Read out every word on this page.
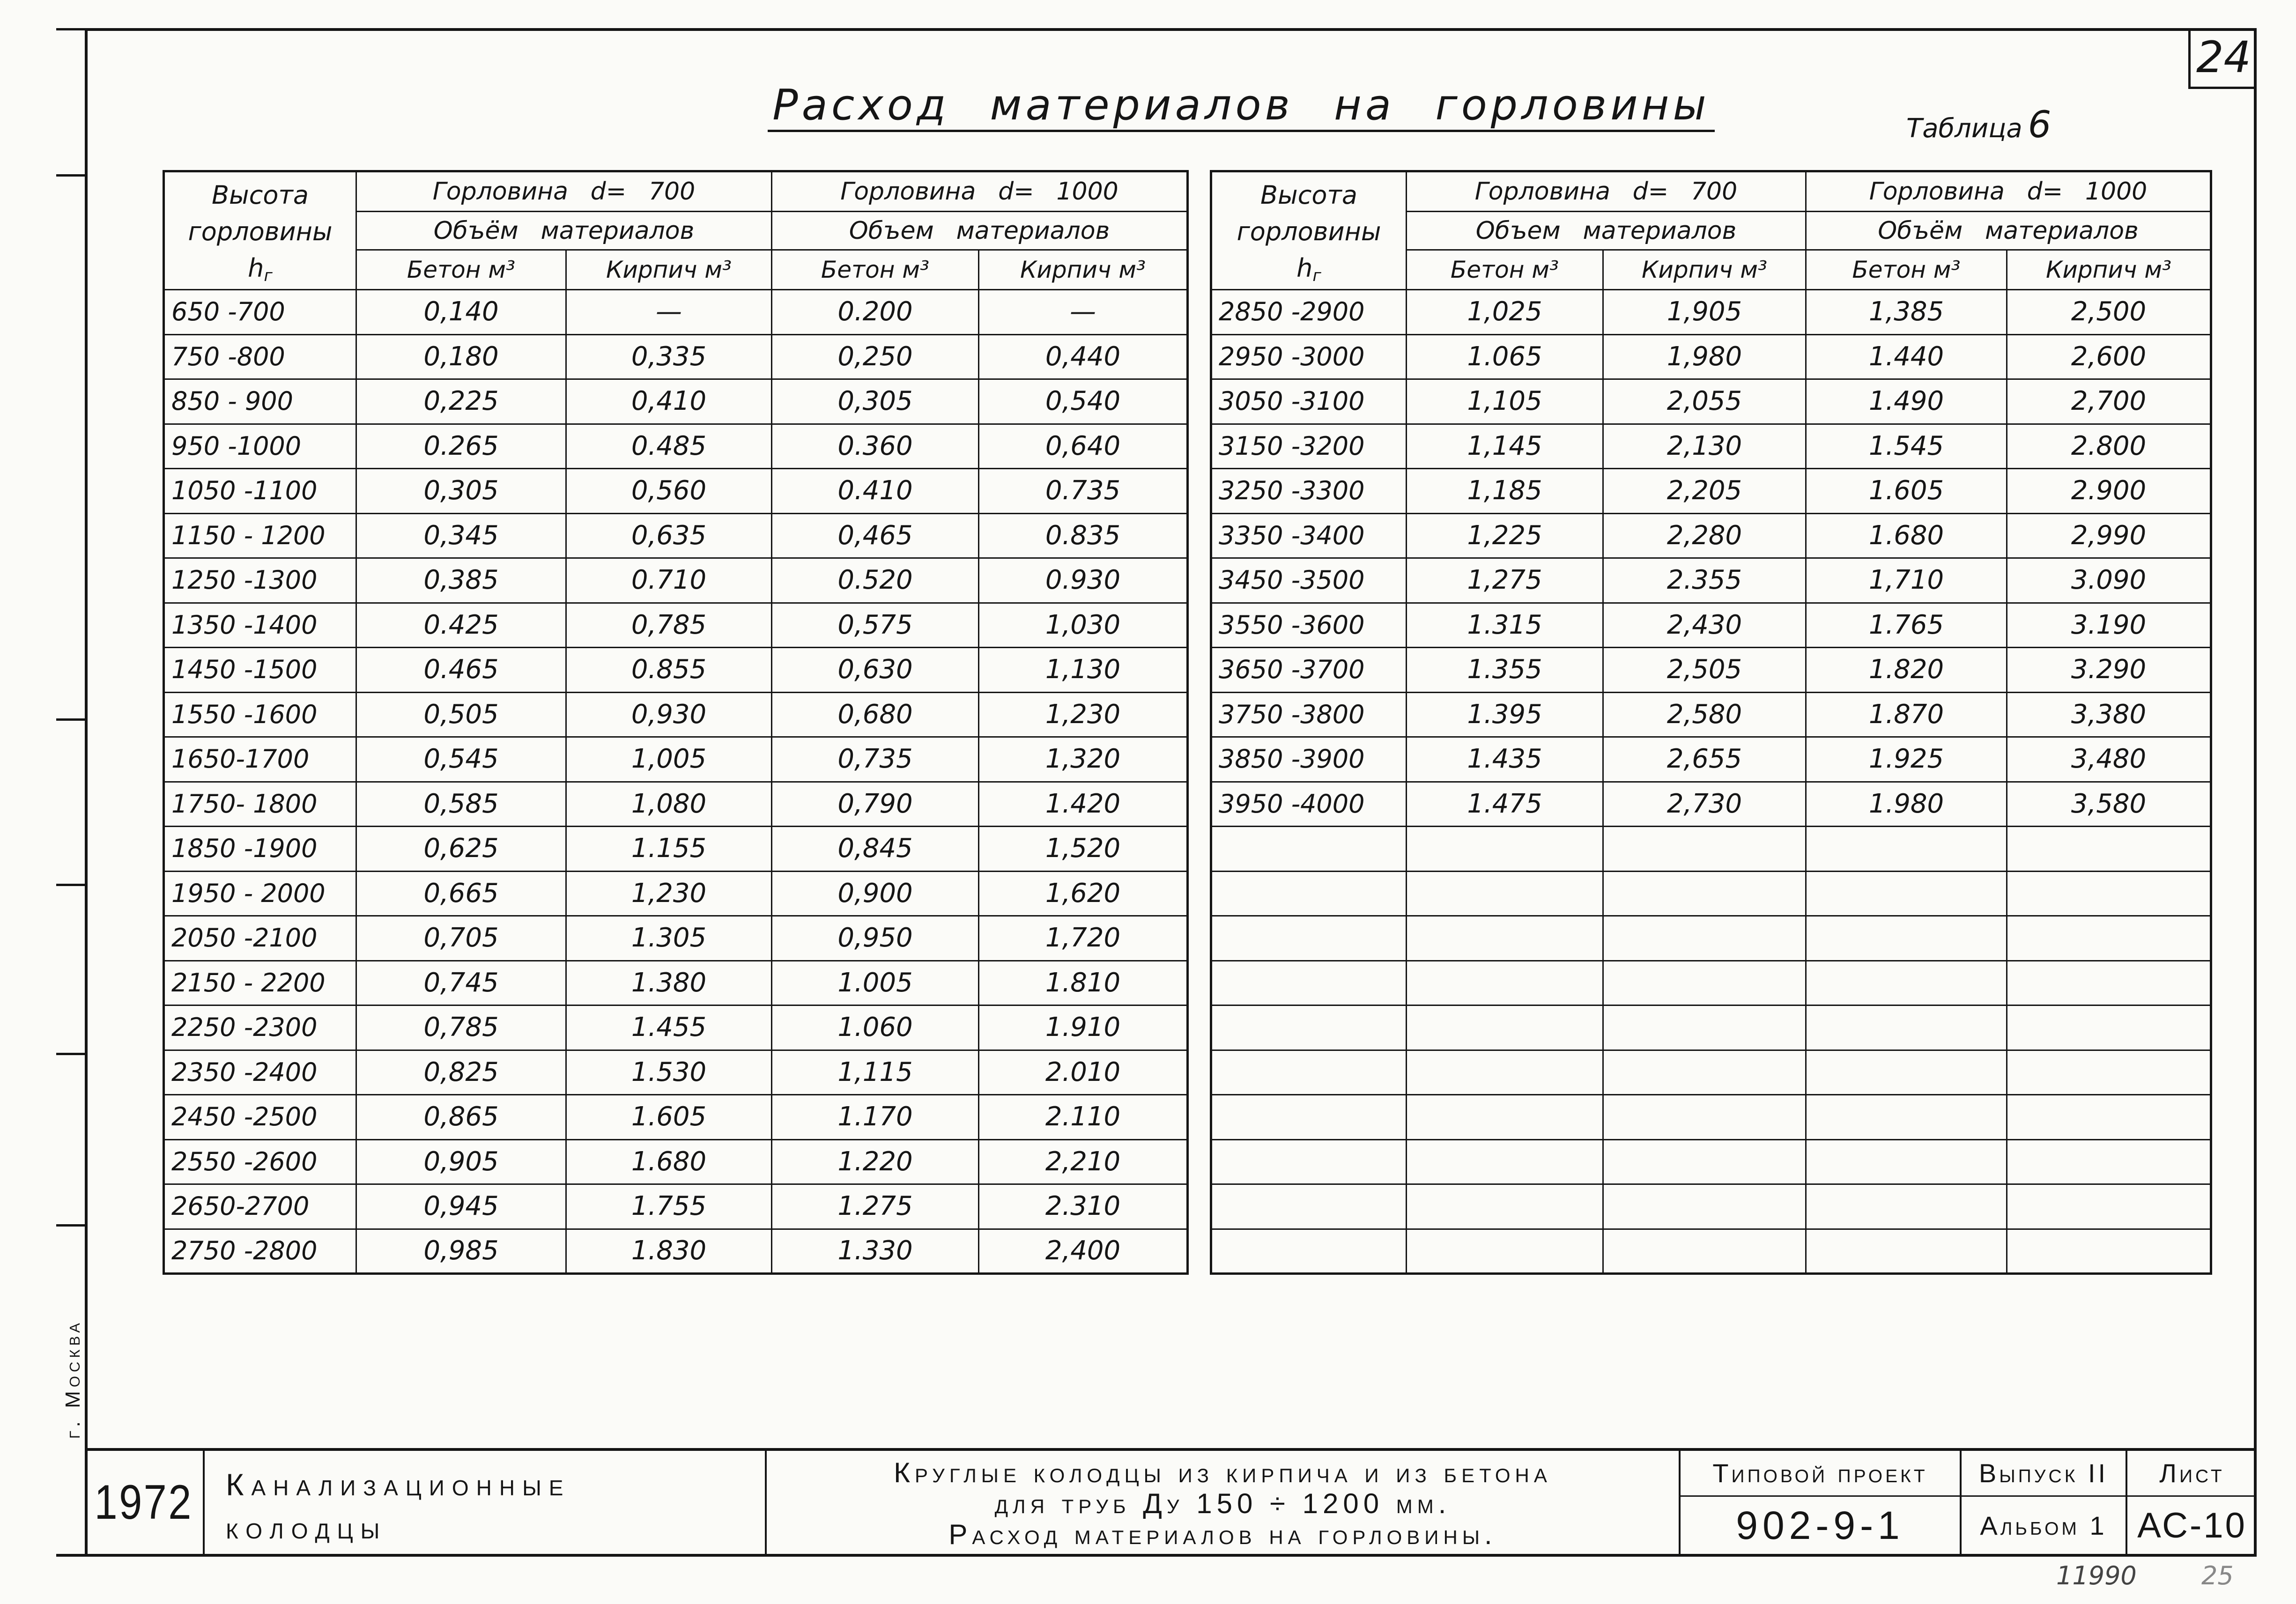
24
Расход материалов на горловины	Таблица 6
Высота
горловины
$h_г$	Горловина d= 700		Горловина d= 1000	
	Объём материалов		Объем материалов	
	Бетон м³	Кирпич м³	Бетон м³	Кирпич м³
650 -700	0,140	—	0.200	—
750 -800	0,180	0,335	0,250	0,440
850 - 900	0,225	0,410	0,305	0,540
950 -1000	0.265	0.485	0.360	0,640
1050 -1100	0,305	0,560	0.410	0.735
1150 - 1200	0,345	0,635	0,465	0.835
1250 -1300	0,385	0.710	0.520	0.930
1350 -1400	0.425	0,785	0,575	1,030
1450 -1500	0.465	0.855	0,630	1,130
1550 -1600	0,505	0,930	0,680	1,230
1650-1700	0,545	1,005	0,735	1,320
1750- 1800	0,585	1,080	0,790	1.420
1850 -1900	0,625	1.155	0,845	1,520
1950 - 2000	0,665	1,230	0,900	1,620
2050 -2100	0,705	1.305	0,950	1,720
2150 - 2200	0,745	1.380	1.005	1.810
2250 -2300	0,785	1.455	1.060	1.910
2350 -2400	0,825	1.530	1,115	2.010
2450 -2500	0,865	1.605	1.170	2.110
2550 -2600	0,905	1.680	1.220	2,210
2650-2700	0,945	1.755	1.275	2.310
2750 -2800	0,985	1.830	1.330	2,400
Высота
горловины
$h_г$	Горловина d= 700		Горловина d= 1000	
	Объем материалов		Объём материалов	
	Бетон м³	Кирпич м³	Бетон м³	Кирпич м³
2850 -2900	1,025	1,905	1,385	2,500
2950 -3000	1.065	1,980	1.440	2,600
3050 -3100	1,105	2,055	1.490	2,700
3150 -3200	1,145	2,130	1.545	2.800
3250 -3300	1,185	2,205	1.605	2.900
3350 -3400	1,225	2,280	1.680	2,990
3450 -3500	1,275	2.355	1,710	3.090
3550 -3600	1.315	2,430	1.765	3.190
3650 -3700	1.355	2,505	1.820	3.290
3750 -3800	1.395	2,580	1.870	3,380
3850 -3900	1.435	2,655	1.925	3,480
3950 -4000	1.475	2,730	1.980	3,580

г. Москва
1972 Канализационные
колодцы
Круглые колодцы из кирпича и из бетона
для труб Ду 150 ÷ 1200 мм.
Расход материалов на горловины.
Типовой проект
902-9-1
Выпуск II
Альбом 1
Лист
АС-10
11990	25
